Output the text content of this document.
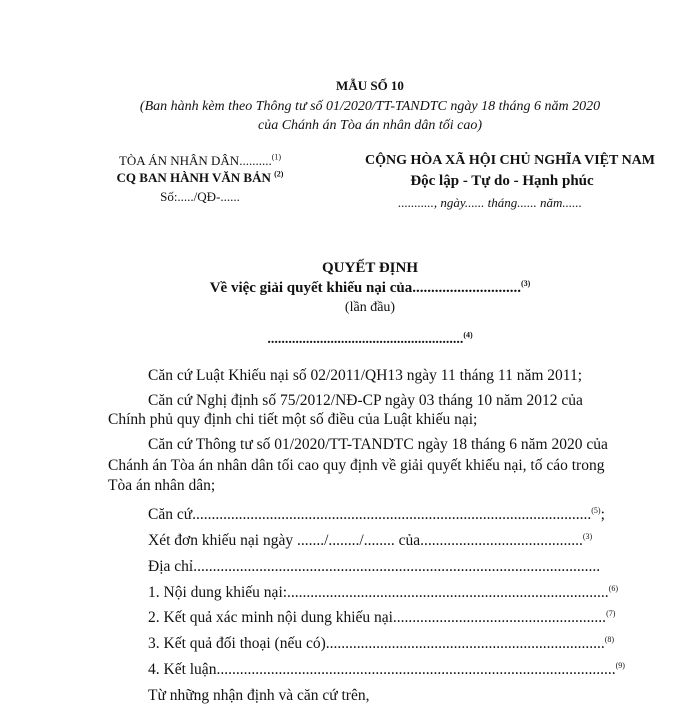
MẪU SỐ 10
(Ban hành kèm theo Thông tư số 01/2020/TT-TANDTC ngày 18 tháng 6 năm 2020
của Chánh án Tòa án nhân dân tối cao)
TÒA ÁN NHÂN DÂN..........$^{(1)}$
CQ BAN HÀNH VĂN BẢN $^{(2)}$
Số:...../QĐ-......
CỘNG HÒA XÃ HỘI CHỦ NGHĨA VIỆT NAM
Độc lập - Tự do - Hạnh phúc
..........., ngày...... tháng...... năm......
QUYẾT ĐỊNH
Về việc giải quyết khiếu nại của.............................$^{(3)}$
(lần đầu)
........................................................$^{(4)}$
Căn cứ Luật Khiếu nại số 02/2011/QH13 ngày 11 tháng 11 năm 2011;
Căn cứ Nghị định số 75/2012/NĐ-CP ngày 03 tháng 10 năm 2012 của
Chính phủ quy định chi tiết một số điều của Luật khiếu nại;
Căn cứ Thông tư số 01/2020/TT-TANDTC ngày 18 tháng 6 năm 2020 của
Chánh án Tòa án nhân dân tối cao quy định về giải quyết khiếu nại, tố cáo trong
Tòa án nhân dân;
Căn cứ.......................................................................................................$^{(5)}$;
Xét đơn khiếu nại ngày ......./......../........ của..........................................$^{(3)}$
Địa chỉ.........................................................................................................
1. Nội dung khiếu nại:...................................................................................$^{(6)}$
2. Kết quả xác minh nội dung khiếu nại.......................................................$^{(7)}$
3. Kết quả đối thoại (nếu có)........................................................................$^{(8)}$
4. Kết luận.......................................................................................................$^{(9)}$
Từ những nhận định và căn cứ trên,
